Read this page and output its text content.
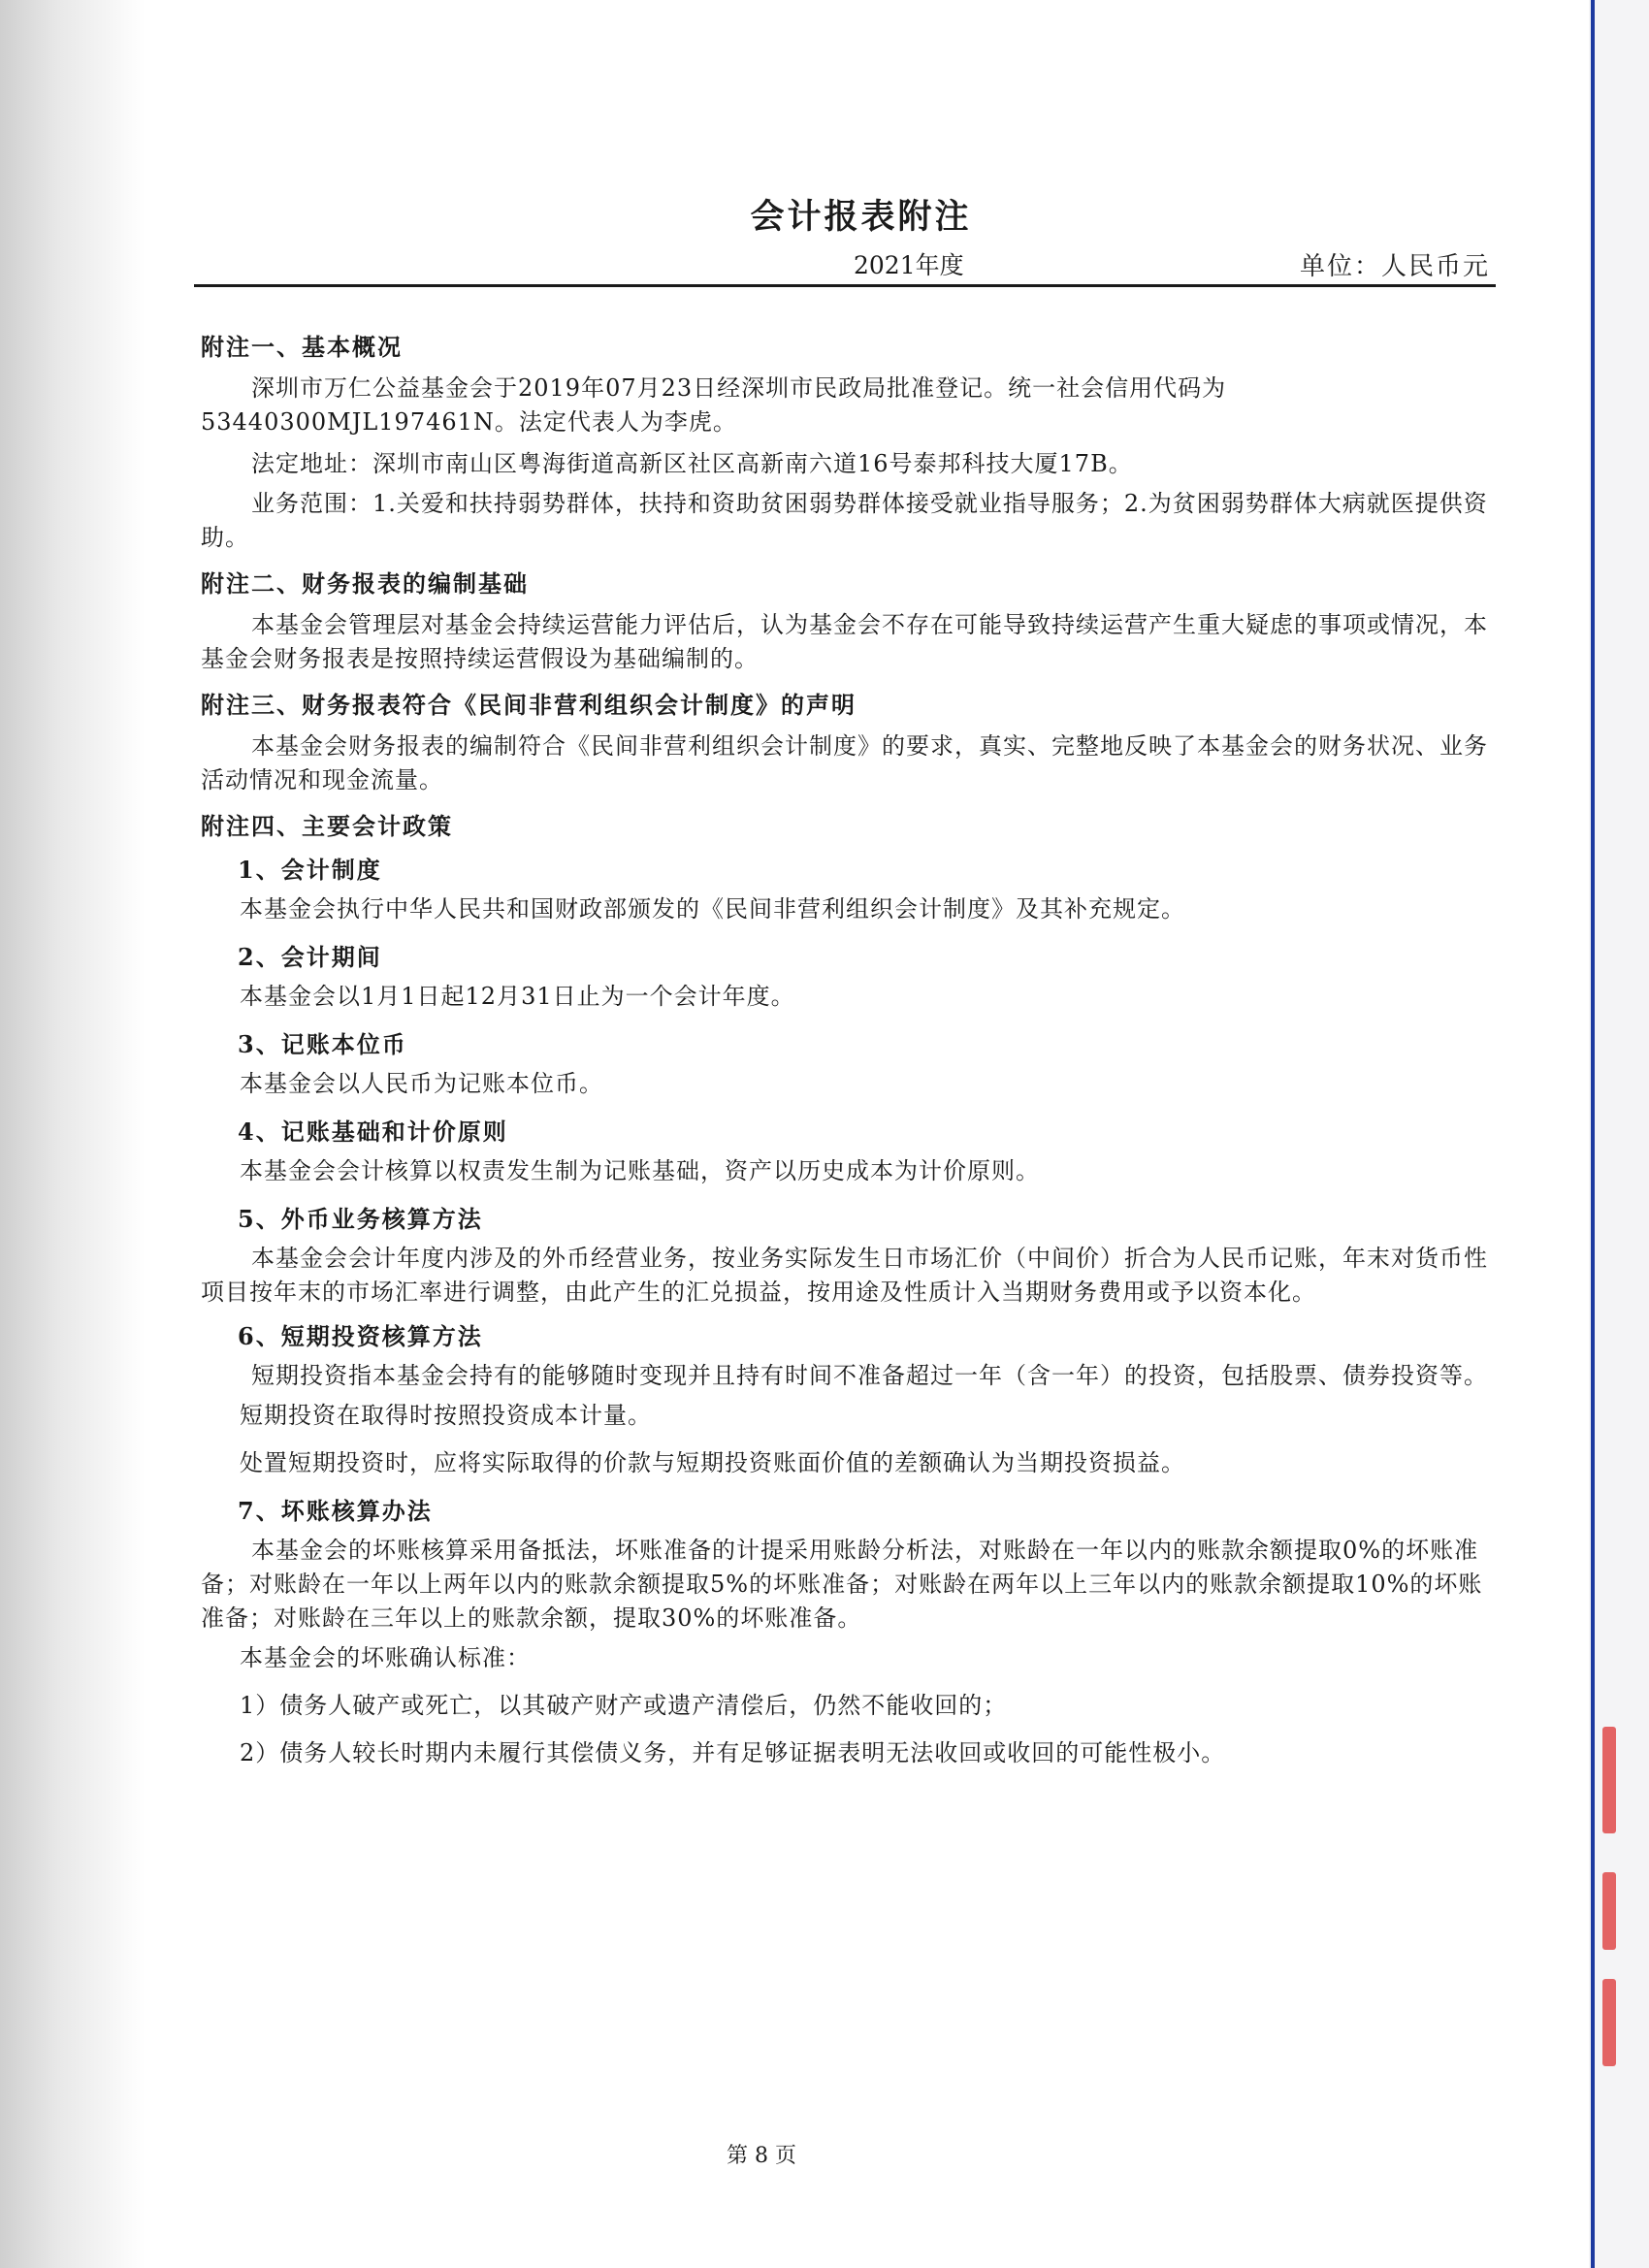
会计报表附注
2021年度	单位：人民币元

附注一、基本概况

深圳市万仁公益基金会于2019年07月23日经深圳市民政局批准登记。统一社会信用代码为53440300MJL197461N。法定代表人为李虎。

法定地址：深圳市南山区粤海街道高新区社区高新南六道16号泰邦科技大厦17B。

业务范围：1.关爱和扶持弱势群体，扶持和资助贫困弱势群体接受就业指导服务；2.为贫困弱势群体大病就医提供资助。

附注二、财务报表的编制基础

本基金会管理层对基金会持续运营能力评估后，认为基金会不存在可能导致持续运营产生重大疑虑的事项或情况，本基金会财务报表是按照持续运营假设为基础编制的。

附注三、财务报表符合《民间非营利组织会计制度》的声明

本基金会财务报表的编制符合《民间非营利组织会计制度》的要求，真实、完整地反映了本基金会的财务状况、业务活动情况和现金流量。

附注四、主要会计政策

1、会计制度

本基金会执行中华人民共和国财政部颁发的《民间非营利组织会计制度》及其补充规定。

2、会计期间

本基金会以1月1日起12月31日止为一个会计年度。

3、记账本位币

本基金会以人民币为记账本位币。

4、记账基础和计价原则

本基金会会计核算以权责发生制为记账基础，资产以历史成本为计价原则。

5、外币业务核算方法

本基金会会计年度内涉及的外币经营业务，按业务实际发生日市场汇价（中间价）折合为人民币记账，年末对货币性项目按年末的市场汇率进行调整，由此产生的汇兑损益，按用途及性质计入当期财务费用或予以资本化。

6、短期投资核算方法

短期投资指本基金会持有的能够随时变现并且持有时间不准备超过一年（含一年）的投资，包括股票、债券投资等。

短期投资在取得时按照投资成本计量。

处置短期投资时，应将实际取得的价款与短期投资账面价值的差额确认为当期投资损益。

7、坏账核算办法

本基金会的坏账核算采用备抵法，坏账准备的计提采用账龄分析法，对账龄在一年以内的账款余额提取0%的坏账准备；对账龄在一年以上两年以内的账款余额提取5%的坏账准备；对账龄在两年以上三年以内的账款余额提取10%的坏账准备；对账龄在三年以上的账款余额，提取30%的坏账准备。

本基金会的坏账确认标准：

1）债务人破产或死亡，以其破产财产或遗产清偿后，仍然不能收回的；

2）债务人较长时期内未履行其偿债义务，并有足够证据表明无法收回或收回的可能性极小。

第 8 页
